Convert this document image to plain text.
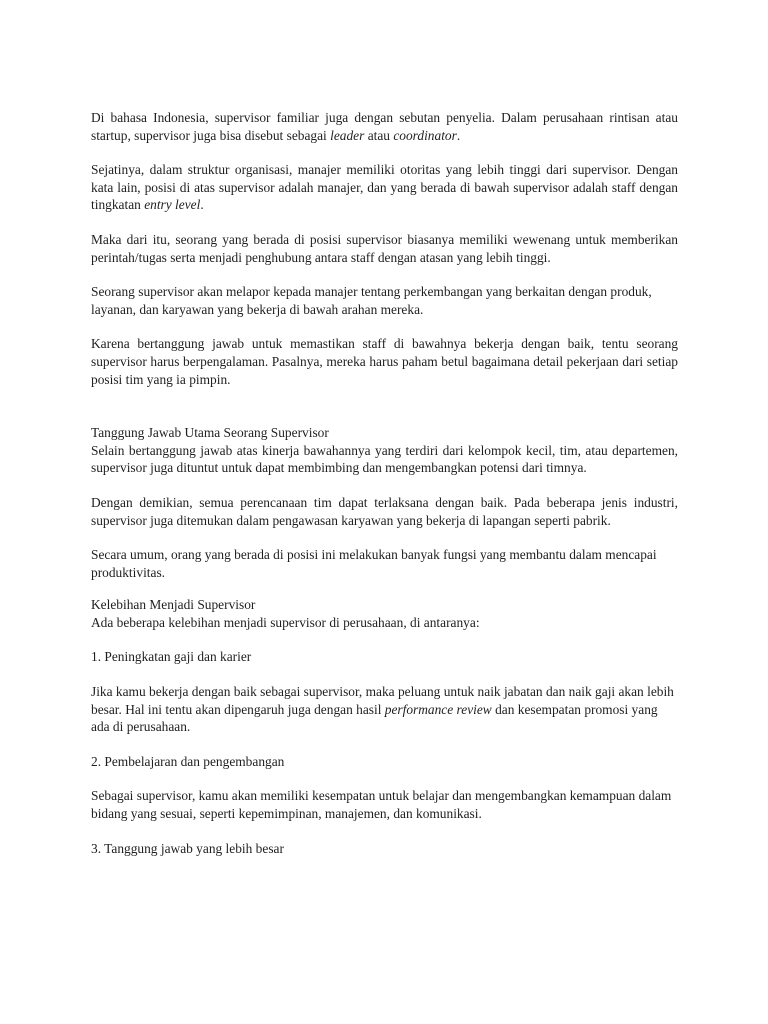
Di bahasa Indonesia, supervisor familiar juga dengan sebutan penyelia. Dalam perusahaan rintisan atau startup, supervisor juga bisa disebut sebagai leader atau coordinator.

Sejatinya, dalam struktur organisasi, manajer memiliki otoritas yang lebih tinggi dari supervisor. Dengan kata lain, posisi di atas supervisor adalah manajer, dan yang berada di bawah supervisor adalah staff dengan tingkatan entry level.

Maka dari itu, seorang yang berada di posisi supervisor biasanya memiliki wewenang untuk memberikan perintah/tugas serta menjadi penghubung antara staff dengan atasan yang lebih tinggi.

Seorang supervisor akan melapor kepada manajer tentang perkembangan yang berkaitan dengan produk, layanan, dan karyawan yang bekerja di bawah arahan mereka.

Karena bertanggung jawab untuk memastikan staff di bawahnya bekerja dengan baik, tentu seorang supervisor harus berpengalaman. Pasalnya, mereka harus paham betul bagaimana detail pekerjaan dari setiap posisi tim yang ia pimpin.

Tanggung Jawab Utama Seorang Supervisor

Selain bertanggung jawab atas kinerja bawahannya yang terdiri dari kelompok kecil, tim, atau departemen, supervisor juga dituntut untuk dapat membimbing dan mengembangkan potensi dari timnya.

Dengan demikian, semua perencanaan tim dapat terlaksana dengan baik. Pada beberapa jenis industri, supervisor juga ditemukan dalam pengawasan karyawan yang bekerja di lapangan seperti pabrik.

Secara umum, orang yang berada di posisi ini melakukan banyak fungsi yang membantu dalam mencapai produktivitas.

Kelebihan Menjadi Supervisor

Ada beberapa kelebihan menjadi supervisor di perusahaan, di antaranya:

1. Peningkatan gaji dan karier

Jika kamu bekerja dengan baik sebagai supervisor, maka peluang untuk naik jabatan dan naik gaji akan lebih besar. Hal ini tentu akan dipengaruh juga dengan hasil performance review dan kesempatan promosi yang ada di perusahaan.

2. Pembelajaran dan pengembangan

Sebagai supervisor, kamu akan memiliki kesempatan untuk belajar dan mengembangkan kemampuan dalam bidang yang sesuai, seperti kepemimpinan, manajemen, dan komunikasi.

3. Tanggung jawab yang lebih besar
